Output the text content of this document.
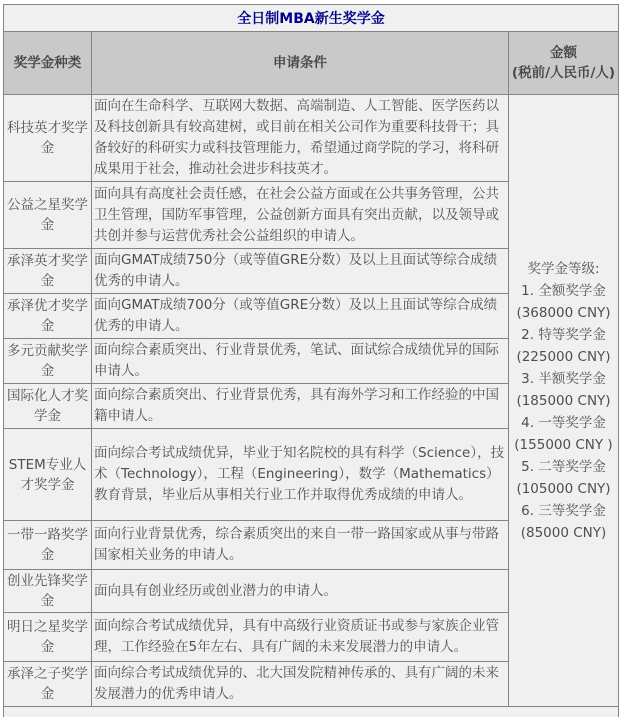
全日制MBA新生奖学金		
奖学金种类	申请条件	金额
(税前/人民币/人)

科技英才奖学金	面向在生命科学、互联网大数据、高端制造、人工智能、医学医药以及科技创新具有较高建树，或目前在相关公司作为重要科技骨干；具备较好的科研实力或科技管理能力，希望通过商学院的学习，将科研成果用于社会，推动社会进步科技英才。	
奖学金等级:
1. 全额奖学金
(368000 CNY)
2. 特等奖学金
(225000 CNY)
3. 半额奖学金
(185000 CNY)
4. 一等奖学金
(155000 CNY )
5. 二等奖学金
(105000 CNY)
6. 三等奖学金
(85000 CNY)

公益之星奖学金	面向具有高度社会责任感，在社会公益方面或在公共事务管理，公共卫生管理，国防军事管理，公益创新方面具有突出贡献，以及领导或共创并参与运营优秀社会公益组织的申请人。	
承泽英才奖学金	面向GMAT成绩750分（或等值GRE分数）及以上且面试等综合成绩优秀的申请人。	
承泽优才奖学金	面向GMAT成绩700分（或等值GRE分数）及以上且面试等综合成绩优秀的申请人。	
多元贡献奖学金	面向综合素质突出、行业背景优秀，笔试、面试综合成绩优异的国际申请人。	
国际化人才奖学金	面向综合素质突出、行业背景优秀，具有海外学习和工作经验的中国籍申请人。	
STEM专业人才奖学金	面向综合考试成绩优异，毕业于知名院校的具有科学（Science），技术（Technology），工程（Engineering），数学（Mathematics）教育背景，毕业后从事相关行业工作并取得优秀成绩的申请人。	
一带一路奖学金	面向行业背景优秀，综合素质突出的来自一带一路国家或从事与带路国家相关业务的申请人。	
创业先锋奖学金	面向具有创业经历或创业潜力的申请人。	
明日之星奖学金	面向综合考试成绩优异，具有中高级行业资质证书或参与家族企业管理，工作经验在5年左右、具有广阔的未来发展潜力的申请人。	
承泽之子奖学金	面向综合考试成绩优异的、北大国发院精神传承的、具有广阔的未来发展潜力的优秀申请人。	
